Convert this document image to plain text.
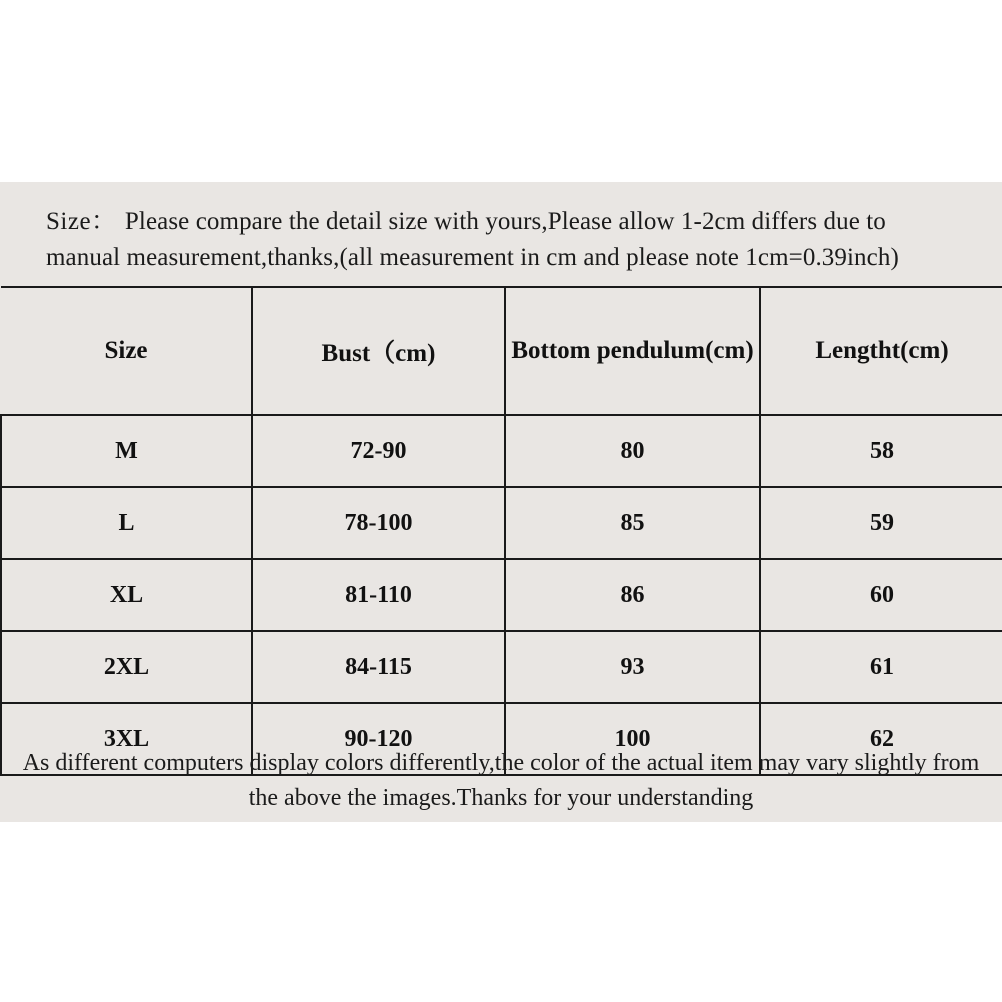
Size： Please compare the detail size with yours,Please allow 1-2cm differs due to manual measurement,thanks,(all measurement in cm and please note 1cm=0.39inch)
Size	Bust（cm)	Bottom pendulum(cm)	Lengtht(cm)
M	72-90	80	58
L	78-100	85	59
XL	81-110	86	60
2XL	84-115	93	61
3XL	90-120	100	62
As different computers display colors differently,the color of the actual item may vary slightly from
the above the images.Thanks for your understanding
